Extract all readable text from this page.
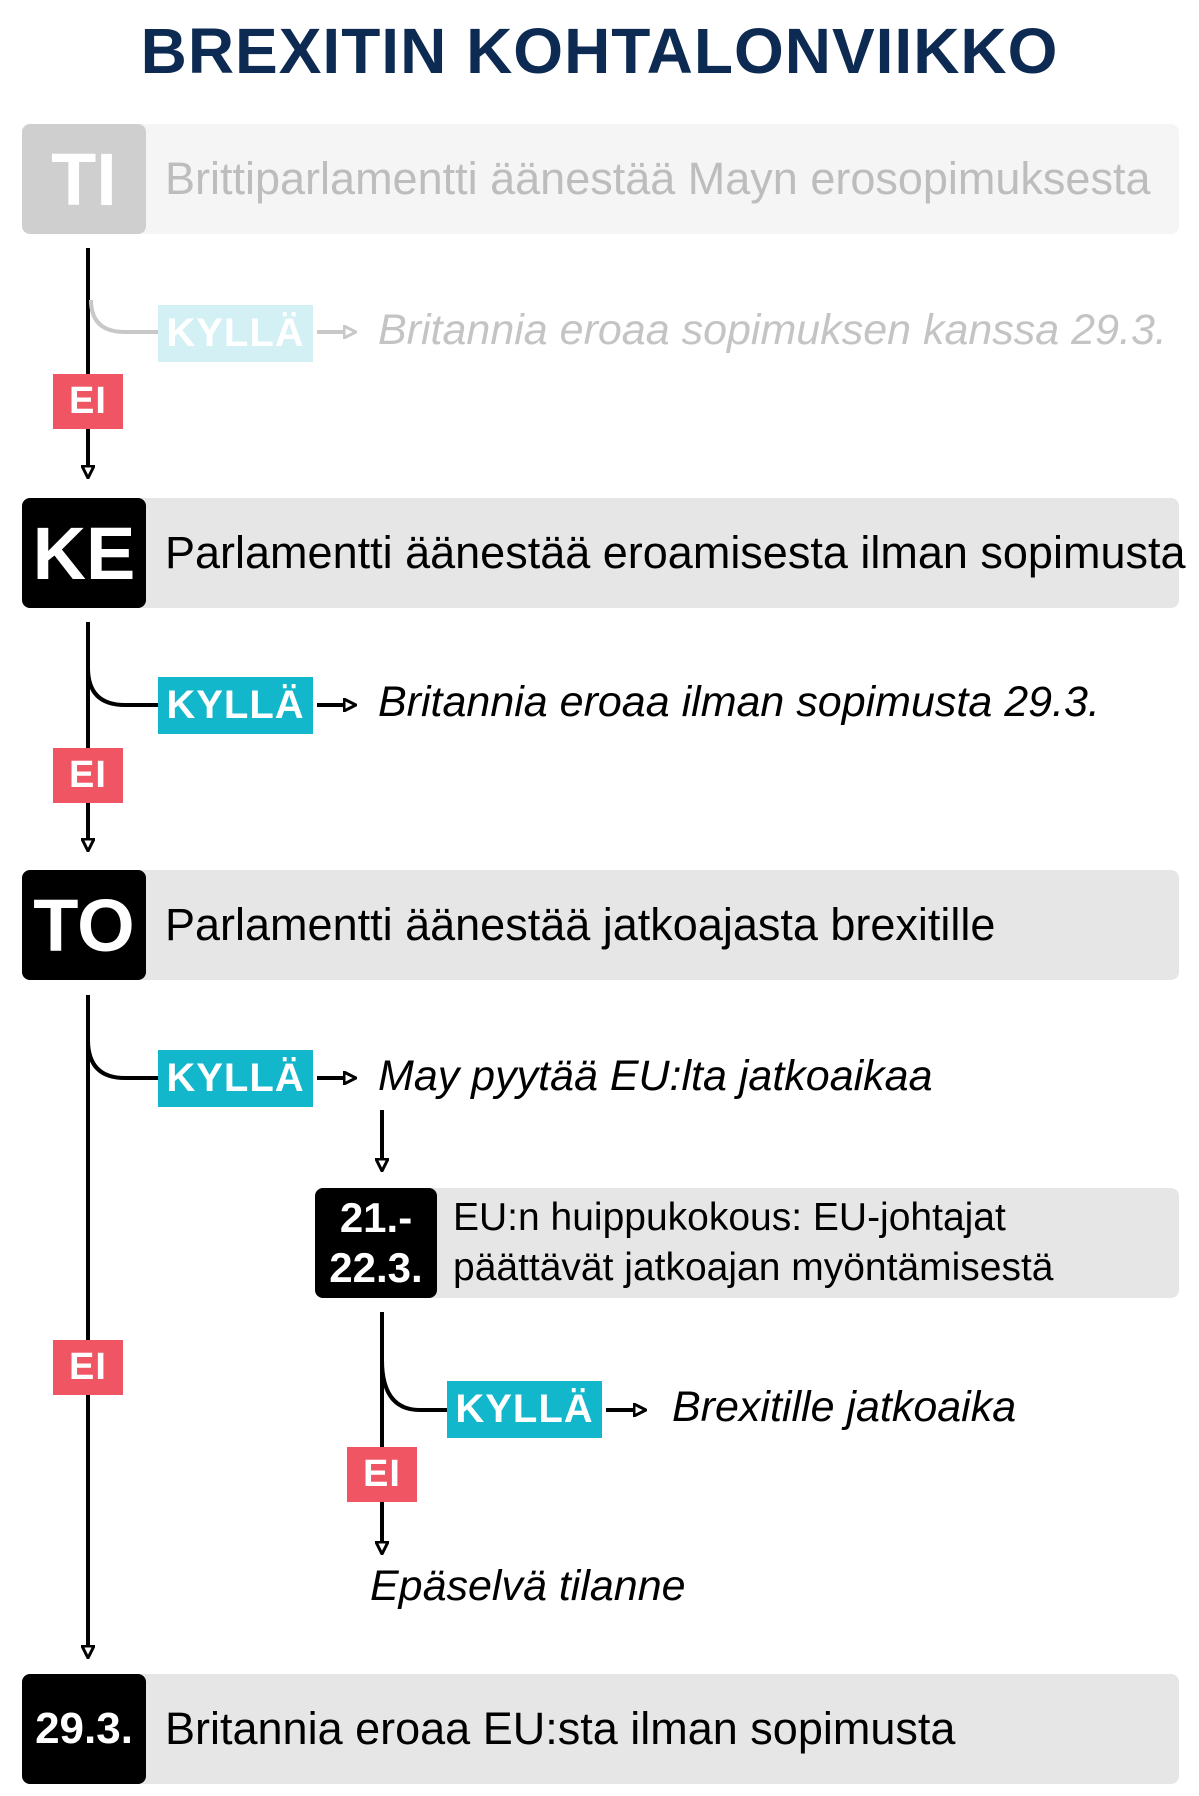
BREXITIN KOHTALONVIIKKO
TI	Brittiparlamentti äänestää Mayn erosopimuksesta
KYLLÄ Britannia eroaa sopimuksen kanssa 29.3.
EI
KE Parlamentti äänestää eroamisesta ilman sopimusta
KYLLÄ Britannia eroaa ilman sopimusta 29.3.
EI
TO Parlamentti äänestää jatkoajasta brexitille
KYLLÄ May pyytää EU:lta jatkoaikaa
21.-
22.3.
EU:n huippukokous: EU-johtajat
päättävät jatkoajan myöntämisestä
KYLLÄ Brexitille jatkoaika
EI
Epäselvä tilanne
EI
29.3. Britannia eroaa EU:sta ilman sopimusta
